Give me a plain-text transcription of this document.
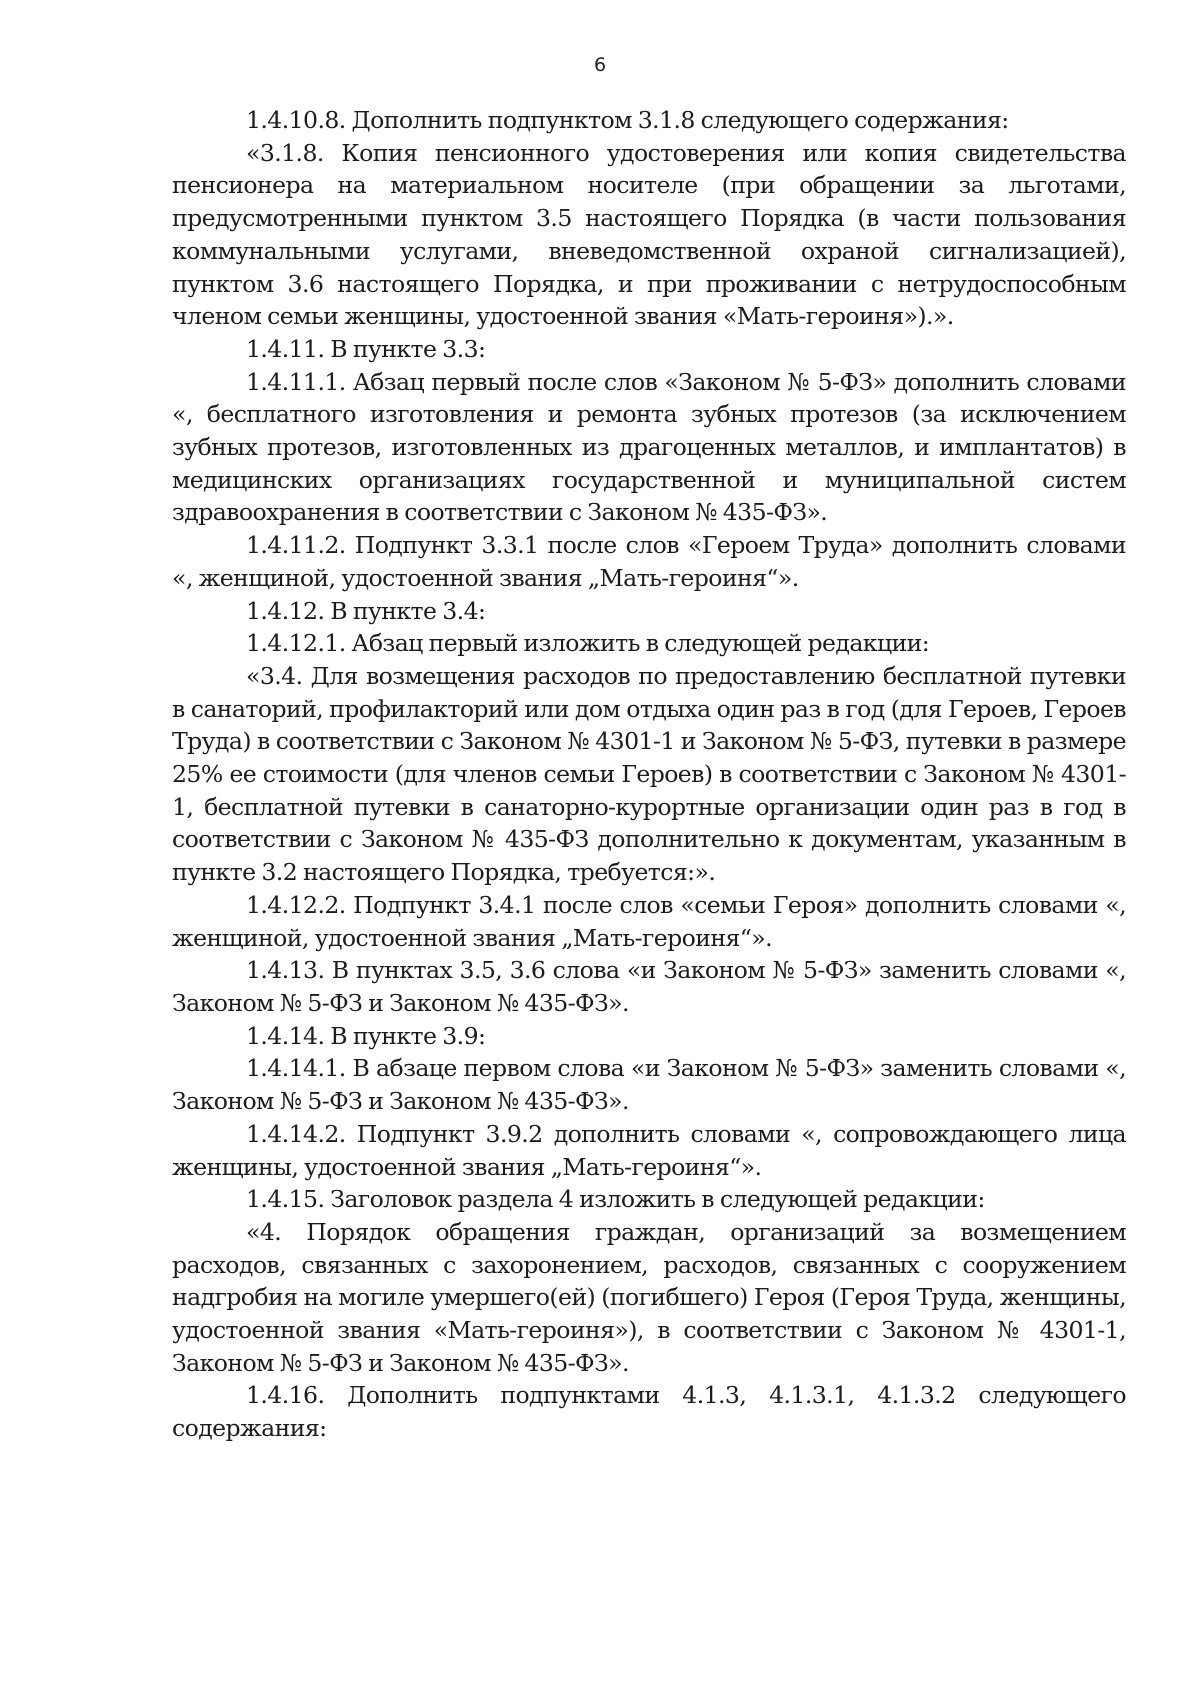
6

1.4.10.8. Дополнить подпунктом 3.1.8 следующего содержания:

«3.1.8. Копия пенсионного удостоверения или копия свидетельства пенсионера на материальном носителе (при обращении за льготами, предусмотренными пунктом 3.5 настоящего Порядка (в части пользования коммунальными услугами, вневедомственной охраной сигнализацией), пунктом 3.6 настоящего Порядка, и при проживании с нетрудоспособным членом семьи женщины, удостоенной звания «Мать-героиня»).».

1.4.11. В пункте 3.3:

1.4.11.1. Абзац первый после слов «Законом № 5-ФЗ» дополнить словами «, бесплатного изготовления и ремонта зубных протезов (за исключением зубных протезов, изготовленных из драгоценных металлов, и имплантатов) в медицинских организациях государственной и муниципальной систем здравоохранения в соответствии с Законом № 435-ФЗ».

1.4.11.2. Подпункт 3.3.1 после слов «Героем Труда» дополнить словами «, женщиной, удостоенной звания „Мать-героиня“».

1.4.12. В пункте 3.4:

1.4.12.1. Абзац первый изложить в следующей редакции:

«3.4. Для возмещения расходов по предоставлению бесплатной путевки в санаторий, профилакторий или дом отдыха один раз в год (для Героев, Героев Труда) в соответствии с Законом № 4301-1 и Законом № 5-ФЗ, путевки в размере 25% ее стоимости (для членов семьи Героев) в соответствии с Законом № 4301-1, бесплатной путевки в санаторно-курортные организации один раз в год в соответствии с Законом № 435-ФЗ дополнительно к документам, указанным в пункте 3.2 настоящего Порядка, требуется:».

1.4.12.2. Подпункт 3.4.1 после слов «семьи Героя» дополнить словами «, женщиной, удостоенной звания „Мать-героиня“».

1.4.13. В пунктах 3.5, 3.6 слова «и Законом № 5-ФЗ» заменить словами «, Законом № 5-ФЗ и Законом № 435-ФЗ».

1.4.14. В пункте 3.9:

1.4.14.1. В абзаце первом слова «и Законом № 5-ФЗ» заменить словами «, Законом № 5-ФЗ и Законом № 435-ФЗ».

1.4.14.2. Подпункт 3.9.2 дополнить словами «, сопровождающего лица женщины, удостоенной звания „Мать-героиня“».

1.4.15. Заголовок раздела 4 изложить в следующей редакции:

«4. Порядок обращения граждан, организаций за возмещением расходов, связанных с захоронением, расходов, связанных с сооружением надгробия на могиле умершего(ей) (погибшего) Героя (Героя Труда, женщины, удостоенной звания «Мать-героиня»), в соответствии с Законом № 4301-1, Законом № 5-ФЗ и Законом № 435-ФЗ».

1.4.16. Дополнить подпунктами 4.1.3, 4.1.3.1, 4.1.3.2 следующего содержания:
